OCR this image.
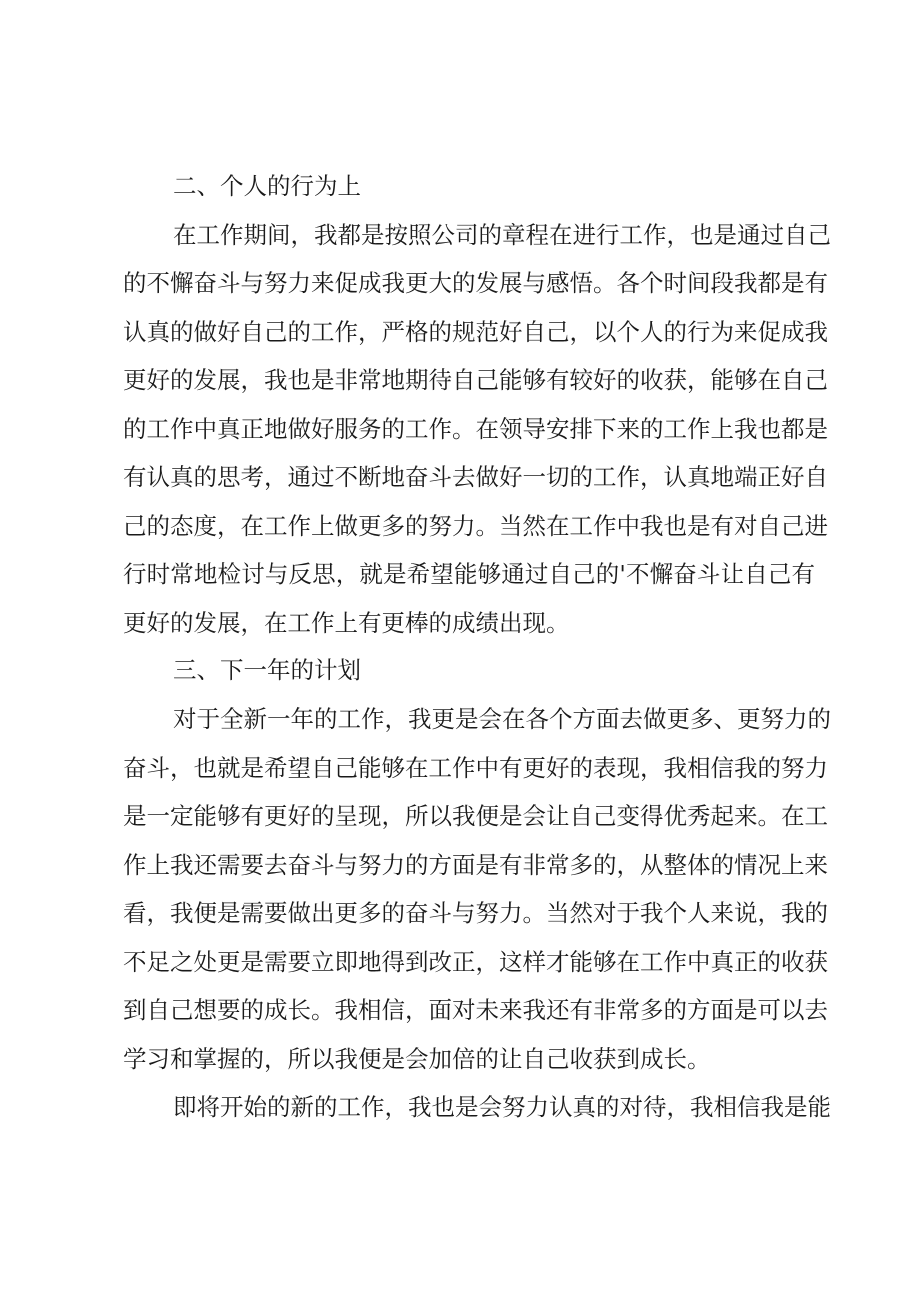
二、个人的行为上
在工作期间，我都是按照公司的章程在进行工作，也是通过自己
的不懈奋斗与努力来促成我更大的发展与感悟。各个时间段我都是有
认真的做好自己的工作，严格的规范好自己，以个人的行为来促成我
更好的发展，我也是非常地期待自己能够有较好的收获，能够在自己
的工作中真正地做好服务的工作。在领导安排下来的工作上我也都是
有认真的思考，通过不断地奋斗去做好一切的工作，认真地端正好自
己的态度，在工作上做更多的努力。当然在工作中我也是有对自己进
行时常地检讨与反思，就是希望能够通过自己的'不懈奋斗让自己有
更好的发展，在工作上有更棒的成绩出现。
三、下一年的计划
对于全新一年的工作，我更是会在各个方面去做更多、更努力的
奋斗，也就是希望自己能够在工作中有更好的表现，我相信我的努力
是一定能够有更好的呈现，所以我便是会让自己变得优秀起来。在工
作上我还需要去奋斗与努力的方面是有非常多的，从整体的情况上来
看，我便是需要做出更多的奋斗与努力。当然对于我个人来说，我的
不足之处更是需要立即地得到改正，这样才能够在工作中真正的收获
到自己想要的成长。我相信，面对未来我还有非常多的方面是可以去
学习和掌握的，所以我便是会加倍的让自己收获到成长。
即将开始的新的工作，我也是会努力认真的对待，我相信我是能
